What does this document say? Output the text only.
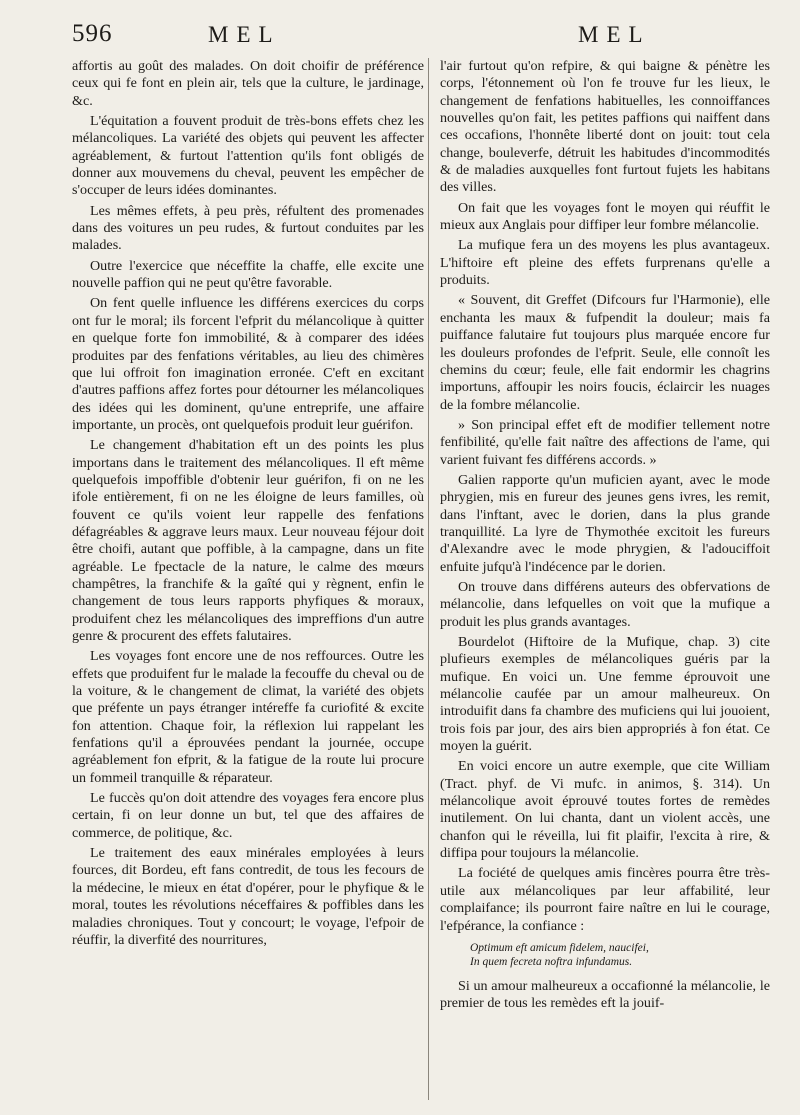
596	MEL	MEL

affortis au goût des malades. On doit choifir de préférence ceux qui fe font en plein air, tels que la culture, le jardinage, &c.

L'équitation a fouvent produit de très-bons effets chez les mélancoliques. La variété des objets qui peuvent les affecter agréablement, & furtout l'attention qu'ils font obligés de donner aux mouvemens du cheval, peuvent les empêcher de s'occuper de leurs idées dominantes.

Les mêmes effets, à peu près, réfultent des promenades dans des voitures un peu rudes, & furtout conduites par les malades.

Outre l'exercice que néceffite la chaffe, elle excite une nouvelle paffion qui ne peut qu'être favorable.

On fent quelle influence les différens exercices du corps ont fur le moral; ils forcent l'efprit du mélancolique à quitter en quelque forte fon immobilité, & à comparer des idées produites par des fenfations véritables, au lieu des chimères que lui offroit fon imagination erronée. C'eft en excitant d'autres paffions affez fortes pour détourner les mélancoliques des idées qui les dominent, qu'une entreprife, une affaire importante, un procès, ont quelquefois produit leur guérifon.

Le changement d'habitation eft un des points les plus importans dans le traitement des mélancoliques. Il eft même quelquefois impoffible d'obtenir leur guérifon, fi on ne les ifole entièrement, fi on ne les éloigne de leurs familles, où fouvent ce qu'ils voient leur rappelle des fenfations défagréables & aggrave leurs maux. Leur nouveau féjour doit être choifi, autant que poffible, à la campagne, dans un fite agréable. Le fpectacle de la nature, le calme des mœurs champêtres, la franchife & la gaîté qui y règnent, enfin le changement de tous leurs rapports phyfiques & moraux, produifent chez les mélancoliques des impreffions d'un autre genre & procurent des effets falutaires.

Les voyages font encore une de nos reffources. Outre les effets que produifent fur le malade la fecouffe du cheval ou de la voiture, & le changement de climat, la variété des objets que préfente un pays étranger intéreffe fa curiofité & excite fon attention. Chaque foir, la réflexion lui rappelant les fenfations qu'il a éprouvées pendant la journée, occupe agréablement fon efprit, & la fatigue de la route lui procure un fommeil tranquille & réparateur.

Le fuccès qu'on doit attendre des voyages fera encore plus certain, fi on leur donne un but, tel que des affaires de commerce, de politique, &c.

Le traitement des eaux minérales employées à leurs fources, dit Bordeu, eft fans contredit, de tous les fecours de la médecine, le mieux en état d'opérer, pour le phyfique & le moral, toutes les révolutions néceffaires & poffibles dans les maladies chroniques. Tout y concourt; le voyage, l'efpoir de réuffir, la diverfité des nourritures,

l'air furtout qu'on refpire, & qui baigne & pénètre les corps, l'étonnement où l'on fe trouve fur les lieux, le changement de fenfations habituelles, les connoiffances nouvelles qu'on fait, les petites paffions qui naiffent dans ces occafions, l'honnête liberté dont on jouit: tout cela change, bouleverfe, détruit les habitudes d'incommodités & de maladies auxquelles font furtout fujets les habitans des villes.

On fait que les voyages font le moyen qui réuffit le mieux aux Anglais pour diffiper leur fombre mélancolie.

La mufique fera un des moyens les plus avantageux. L'hiftoire eft pleine des effets furprenans qu'elle a produits.

« Souvent, dit Greffet (Difcours fur l'Harmonie), elle enchanta les maux & fufpendit la douleur; mais fa puiffance falutaire fut toujours plus marquée encore fur les douleurs profondes de l'efprit. Seule, elle connoît les chemins du cœur; feule, elle fait endormir les chagrins importuns, affoupir les noirs foucis, éclaircir les nuages de la fombre mélancolie.

» Son principal effet eft de modifier tellement notre fenfibilité, qu'elle fait naître des affections de l'ame, qui varient fuivant fes différens accords. »

Galien rapporte qu'un muficien ayant, avec le mode phrygien, mis en fureur des jeunes gens ivres, les remit, dans l'inftant, avec le dorien, dans la plus grande tranquillité. La lyre de Thymothée excitoit les fureurs d'Alexandre avec le mode phrygien, & l'adouciffoit enfuite jufqu'à l'indécence par le dorien.

On trouve dans différens auteurs des obfervations de mélancolie, dans lefquelles on voit que la mufique a produit les plus grands avantages.

Bourdelot (Hiftoire de la Mufique, chap. 3) cite plufieurs exemples de mélancoliques guéris par la mufique. En voici un. Une femme éprouvoit une mélancolie caufée par un amour malheureux. On introduifit dans fa chambre des muficiens qui lui jouoient, trois fois par jour, des airs bien appropriés à fon état. Ce moyen la guérit.

En voici encore un autre exemple, que cite William (Tract. phyf. de Vi mufc. in animos, §. 314). Un mélancolique avoit éprouvé toutes fortes de remèdes inutilement. On lui chanta, dant un violent accès, une chanfon qui le réveilla, lui fit plaifir, l'excita à rire, & diffipa pour toujours la mélancolie.

La fociété de quelques amis fincères pourra être très-utile aux mélancoliques par leur affabilité, leur complaifance; ils pourront faire naître en lui le courage, l'efpérance, la confiance :

Optimum eft amicum fidelem, naucifei,
In quem fecreta noftra infundamus.

Si un amour malheureux a occafionné la mélancolie, le premier de tous les remèdes eft la jouif-
